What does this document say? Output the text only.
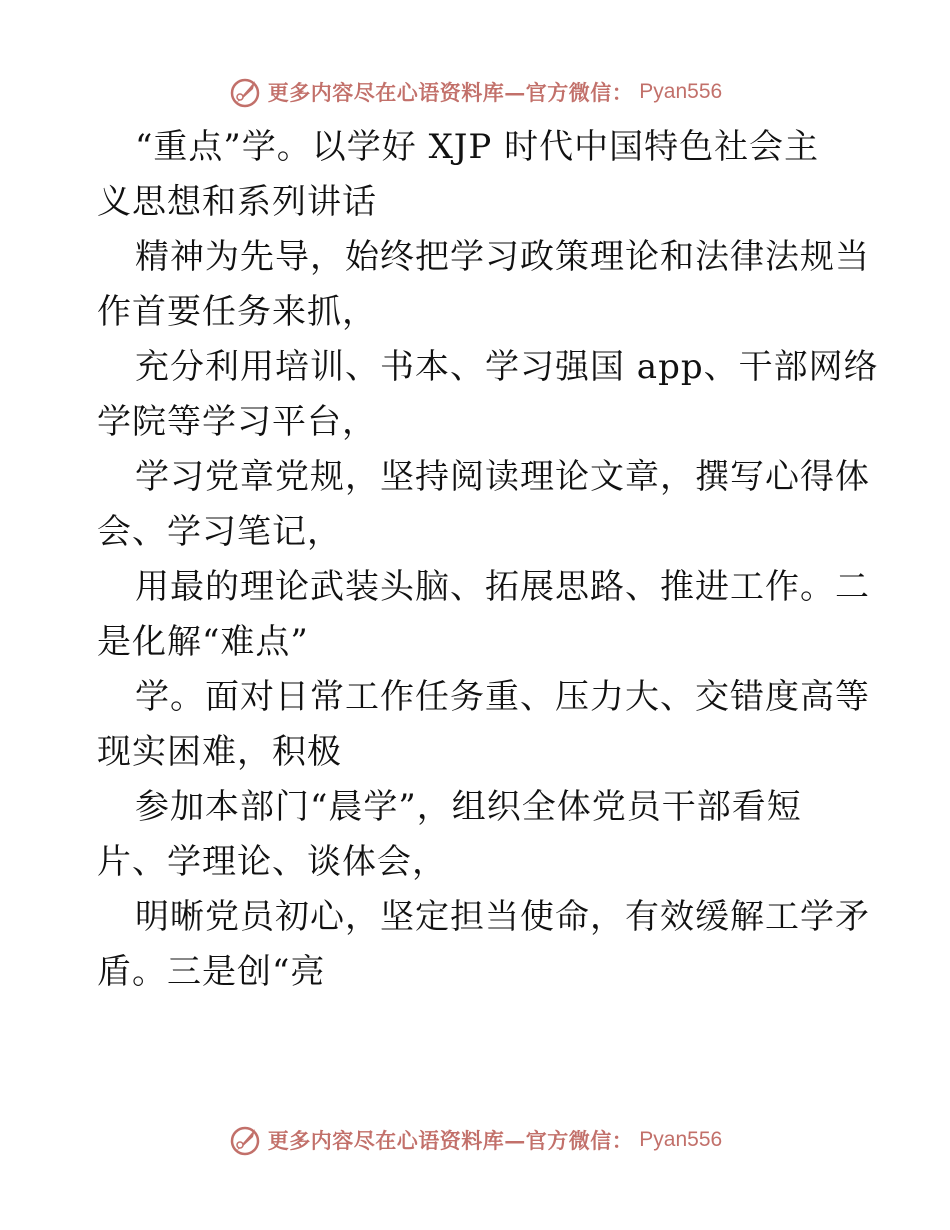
更多内容尽在心语资料库—官方微信： Pyan556
“重点”学。以学好 XJP 时代中国特色社会主
义思想和系列讲话
精神为先导，始终把学习政策理论和法律法规当
作首要任务来抓，
充分利用培训、书本、学习强国 app、干部网络
学院等学习平台，
学习党章党规，坚持阅读理论文章，撰写心得体
会、学习笔记，
用最的理论武装头脑、拓展思路、推进工作。二
是化解“难点”
学。面对日常工作任务重、压力大、交错度高等
现实困难，积极
参加本部门“晨学”，组织全体党员干部看短
片、学理论、谈体会，
明晰党员初心，坚定担当使命，有效缓解工学矛
盾。三是创“亮
更多内容尽在心语资料库—官方微信： Pyan556
